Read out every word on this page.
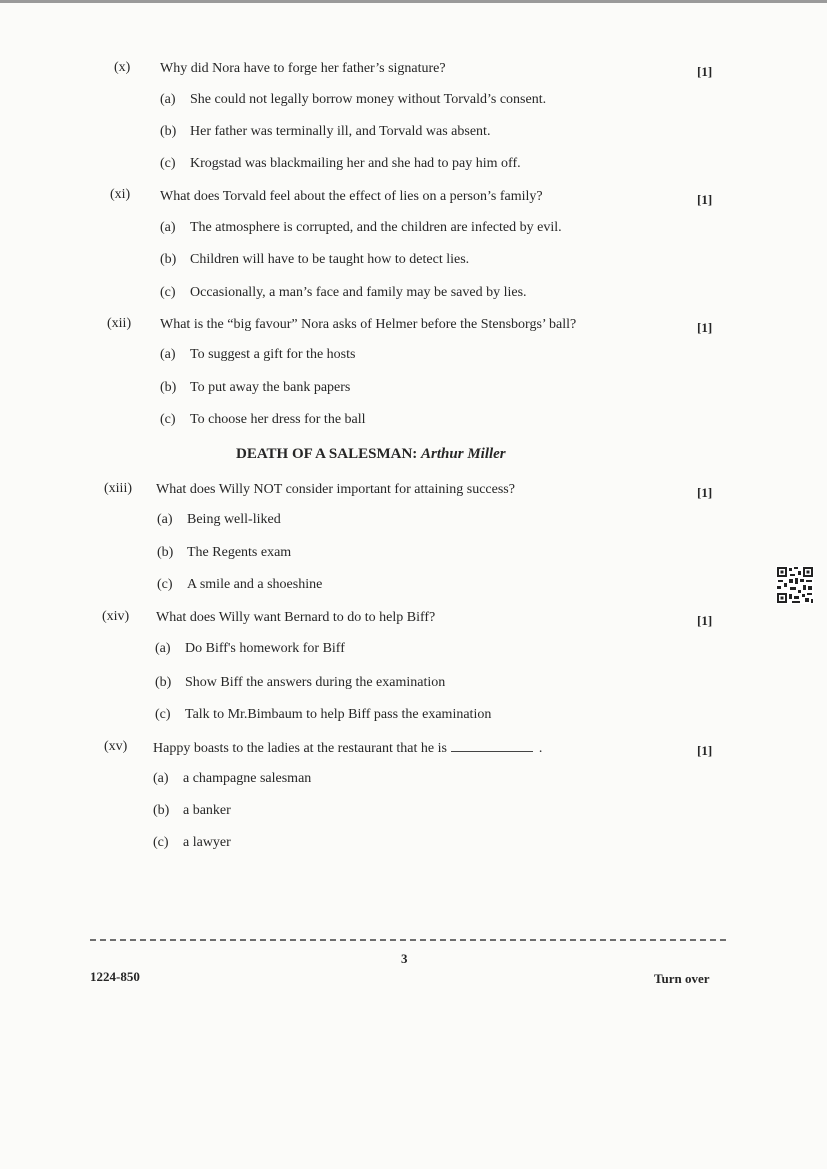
(x) Why did Nora have to forge her father’s signature?	[1]
(a) She could not legally borrow money without Torvald’s consent.
(b) Her father was terminally ill, and Torvald was absent.
(c) Krogstad was blackmailing her and she had to pay him off.
(xi) What does Torvald feel about the effect of lies on a person’s family?	[1]
(a) The atmosphere is corrupted, and the children are infected by evil.
(b) Children will have to be taught how to detect lies.
(c) Occasionally, a man’s face and family may be saved by lies.
(xii) What is the “big favour” Nora asks of Helmer before the Stensborgs’ ball?	[1]
(a) To suggest a gift for the hosts
(b) To put away the bank papers
(c) To choose her dress for the ball
DEATH OF A SALESMAN: Arthur Miller
(xiii) What does Willy NOT consider important for attaining success?	[1]
(a) Being well-liked
(b) The Regents exam
(c) A smile and a shoeshine
(xiv) What does Willy want Bernard to do to help Biff?	[1]
(a) Do Biff's homework for Biff
(b) Show Biff the answers during the examination
(c) Talk to Mr.Bimbaum to help Biff pass the examination
(xv) Happy boasts to the ladies at the restaurant that he is	.	[1]
(a) a champagne salesman
(b) a banker
(c) a lawyer
3
1224-850	Turn over
